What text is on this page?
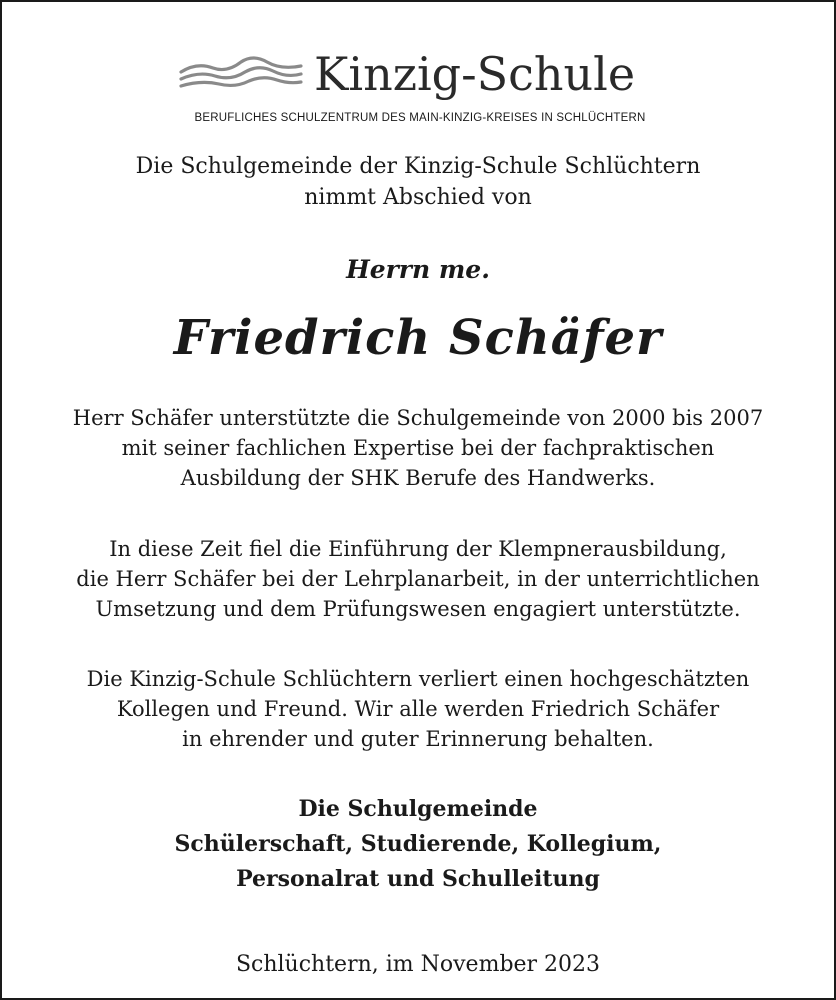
Kinzig-Schule
BERUFLICHES SCHULZENTRUM DES MAIN-KINZIG-KREISES IN SCHLÜCHTERN
Die Schulgemeinde der Kinzig-Schule Schlüchtern
nimmt Abschied von
Herrn me.
Friedrich Schäfer
Herr Schäfer unterstützte die Schulgemeinde von 2000 bis 2007
mit seiner fachlichen Expertise bei der fachpraktischen
Ausbildung der SHK Berufe des Handwerks.
In diese Zeit fiel die Einführung der Klempnerausbildung,
die Herr Schäfer bei der Lehrplanarbeit, in der unterrichtlichen
Umsetzung und dem Prüfungswesen engagiert unterstützte.
Die Kinzig-Schule Schlüchtern verliert einen hochgeschätzten
Kollegen und Freund. Wir alle werden Friedrich Schäfer
in ehrender und guter Erinnerung behalten.
Die Schulgemeinde
Schülerschaft, Studierende, Kollegium,
Personalrat und Schulleitung
Schlüchtern, im November 2023
